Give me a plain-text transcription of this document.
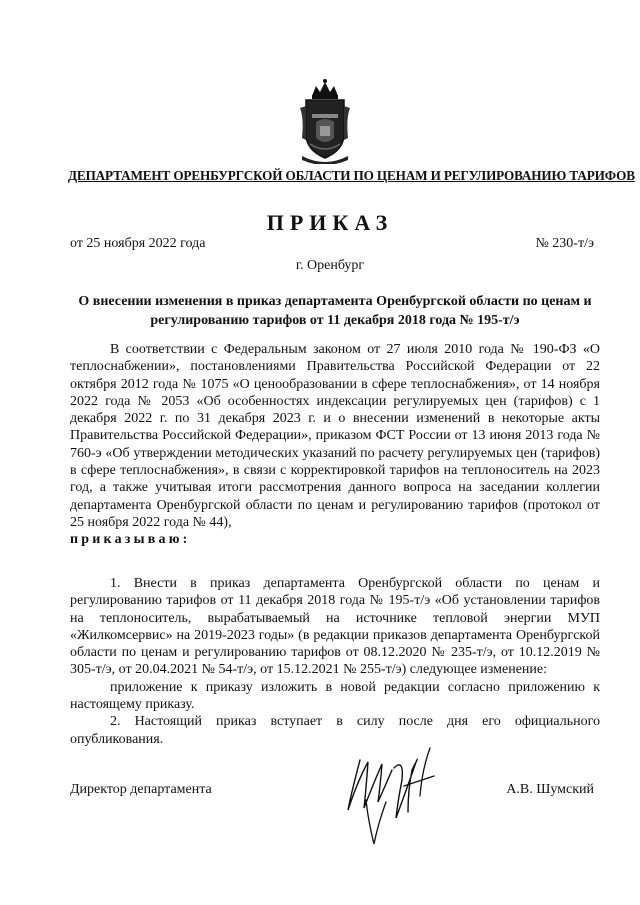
ДЕПАРТАМЕНТ ОРЕНБУРГСКОЙ ОБЛАСТИ ПО ЦЕНАМ И РЕГУЛИРОВАНИЮ ТАРИФОВ
ПРИКАЗ
от 25 ноября 2022 года	№ 230-т/э
г. Оренбург
О внесении изменения в приказ департамента Оренбургской области по ценам и регулированию тарифов от 11 декабря 2018 года № 195-т/э

В соответствии с Федеральным законом от 27 июля 2010 года № 190-ФЗ «О теплоснабжении», постановлениями Правительства Российской Федерации от 22 октября 2012 года № 1075 «О ценообразовании в сфере теплоснабжения», от 14 ноября 2022 года № 2053 «Об особенностях индексации регулируемых цен (тарифов) с 1 декабря 2022 г. по 31 декабря 2023 г. и о внесении изменений в некоторые акты Правительства Российской Федерации», приказом ФСТ России от 13 июня 2013 года № 760-э «Об утверждении методических указаний по расчету регулируемых цен (тарифов) в сфере теплоснабжения», в связи с корректировкой тарифов на теплоноситель на 2023 год, а также учитывая итоги рассмотрения данного вопроса на заседании коллегии департамента Оренбургской области по ценам и регулированию тарифов (протокол от 25 ноября 2022 года № 44),

приказываю:

1. Внести в приказ департамента Оренбургской области по ценам и регулированию тарифов от 11 декабря 2018 года № 195-т/э «Об установлении тарифов на теплоноситель, вырабатываемый на источнике тепловой энергии МУП «Жилкомсервис» на 2019-2023 годы» (в редакции приказов департамента Оренбургской области по ценам и регулированию тарифов от 08.12.2020 № 235-т/э, от 10.12.2019 № 305-т/э, от 20.04.2021 № 54-т/э, от 15.12.2021 № 255-т/э) следующее изменение:

приложение к приказу изложить в новой редакции согласно приложению к настоящему приказу.

2. Настоящий приказ вступает в силу после дня его официального опубликования.

Директор департамента	А.В. Шумский
